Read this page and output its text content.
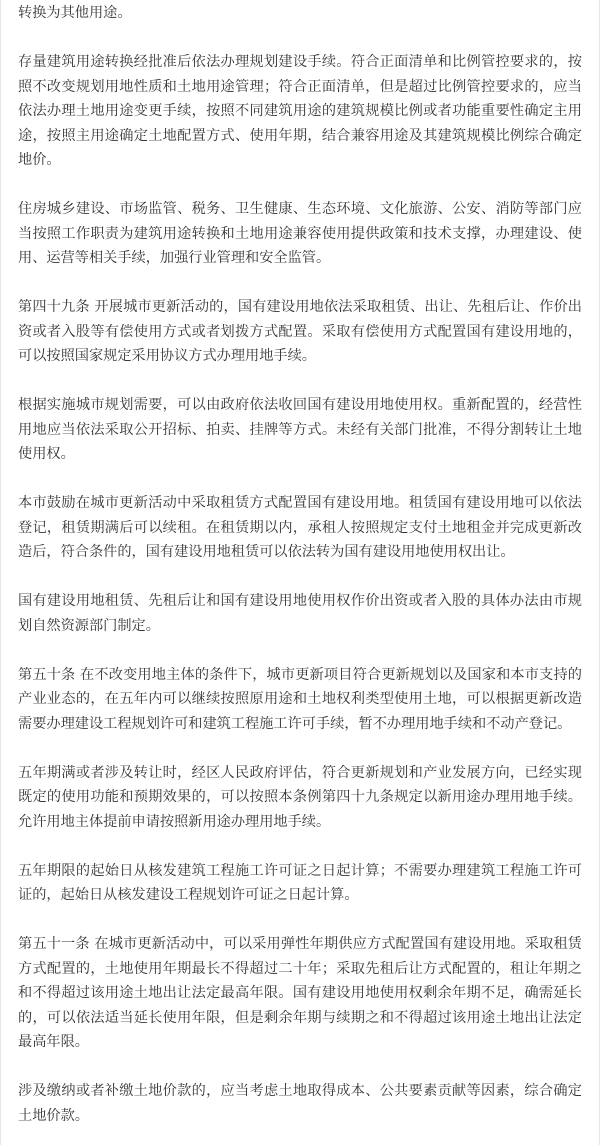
转换为其他用途。

存量建筑用途转换经批准后依法办理规划建设手续。符合正面清单和比例管控要求的，按照不改变规划用地性质和土地用途管理；符合正面清单，但是超过比例管控要求的，应当依法办理土地用途变更手续，按照不同建筑用途的建筑规模比例或者功能重要性确定主用途，按照主用途确定土地配置方式、使用年期，结合兼容用途及其建筑规模比例综合确定地价。

住房城乡建设、市场监管、税务、卫生健康、生态环境、文化旅游、公安、消防等部门应当按照工作职责为建筑用途转换和土地用途兼容使用提供政策和技术支撑，办理建设、使用、运营等相关手续，加强行业管理和安全监管。

第四十九条 开展城市更新活动的，国有建设用地依法采取租赁、出让、先租后让、作价出资或者入股等有偿使用方式或者划拨方式配置。采取有偿使用方式配置国有建设用地的，可以按照国家规定采用协议方式办理用地手续。

根据实施城市规划需要，可以由政府依法收回国有建设用地使用权。重新配置的，经营性用地应当依法采取公开招标、拍卖、挂牌等方式。未经有关部门批准，不得分割转让土地使用权。

本市鼓励在城市更新活动中采取租赁方式配置国有建设用地。租赁国有建设用地可以依法登记，租赁期满后可以续租。在租赁期以内，承租人按照规定支付土地租金并完成更新改造后，符合条件的，国有建设用地租赁可以依法转为国有建设用地使用权出让。

国有建设用地租赁、先租后让和国有建设用地使用权作价出资或者入股的具体办法由市规划自然资源部门制定。

第五十条 在不改变用地主体的条件下，城市更新项目符合更新规划以及国家和本市支持的产业业态的，在五年内可以继续按照原用途和土地权利类型使用土地，可以根据更新改造需要办理建设工程规划许可和建筑工程施工许可手续，暂不办理用地手续和不动产登记。

五年期满或者涉及转让时，经区人民政府评估，符合更新规划和产业发展方向，已经实现既定的使用功能和预期效果的，可以按照本条例第四十九条规定以新用途办理用地手续。允许用地主体提前申请按照新用途办理用地手续。

五年期限的起始日从核发建筑工程施工许可证之日起计算；不需要办理建筑工程施工许可证的，起始日从核发建设工程规划许可证之日起计算。

第五十一条 在城市更新活动中，可以采用弹性年期供应方式配置国有建设用地。采取租赁方式配置的，土地使用年期最长不得超过二十年；采取先租后让方式配置的，租让年期之和不得超过该用途土地出让法定最高年限。国有建设用地使用权剩余年期不足，确需延长的，可以依法适当延长使用年限，但是剩余年期与续期之和不得超过该用途土地出让法定最高年限。

涉及缴纳或者补缴土地价款的，应当考虑土地取得成本、公共要素贡献等因素，综合确定土地价款。
